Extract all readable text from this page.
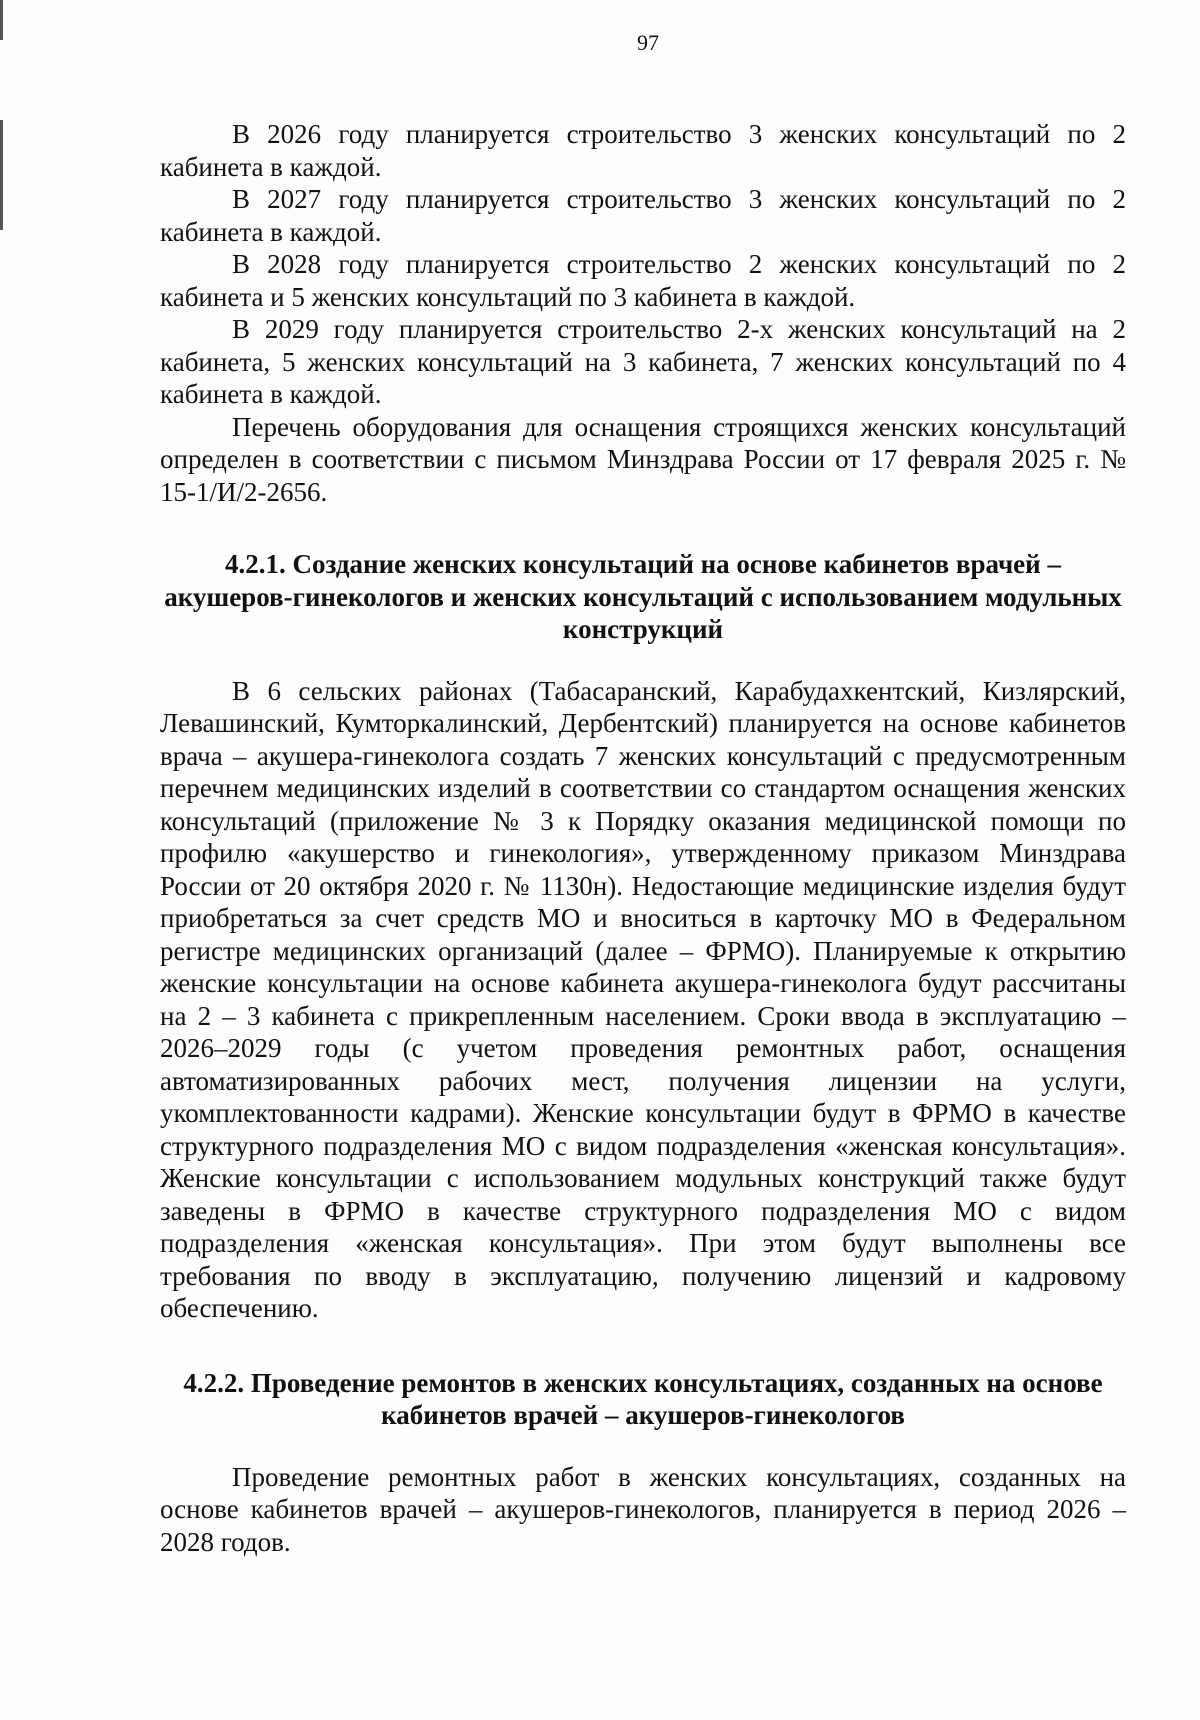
97

В 2026 году планируется строительство 3 женских консультаций по 2 кабинета в каждой.

В 2027 году планируется строительство 3 женских консультаций по 2 кабинета в каждой.

В 2028 году планируется строительство 2 женских консультаций по 2 кабинета и 5 женских консультаций по 3 кабинета в каждой.

В 2029 году планируется строительство 2-х женских консультаций на 2 кабинета, 5 женских консультаций на 3 кабинета, 7 женских консультаций по 4 кабинета в каждой.

Перечень оборудования для оснащения строящихся женских консультаций определен в соответствии с письмом Минздрава России от 17 февраля 2025 г. № 15-1/И/2-2656.

4.2.1. Создание женских консультаций на основе кабинетов врачей – акушеров-гинекологов и женских консультаций с использованием модульных конструкций

В 6 сельских районах (Табасаранский, Карабудахкентский, Кизлярский, Левашинский, Кумторкалинский, Дербентский) планируется на основе кабинетов врача – акушера-гинеколога создать 7 женских консультаций с предусмотренным перечнем медицинских изделий в соответствии со стандартом оснащения женских консультаций (приложение № 3 к Порядку оказания медицинской помощи по профилю «акушерство и гинекология», утвержденному приказом Минздрава России от 20 октября 2020 г. № 1130н). Недостающие медицинские изделия будут приобретаться за счет средств МО и вноситься в карточку МО в Федеральном регистре медицинских организаций (далее – ФРМО). Планируемые к открытию женские консультации на основе кабинета акушера-гинеколога будут рассчитаны на 2 – 3 кабинета с прикрепленным населением. Сроки ввода в эксплуатацию – 2026–2029 годы (с учетом проведения ремонтных работ, оснащения автоматизированных рабочих мест, получения лицензии на услуги, укомплектованности кадрами). Женские консультации будут в ФРМО в качестве структурного подразделения МО с видом подразделения «женская консультация». Женские консультации с использованием модульных конструкций также будут заведены в ФРМО в качестве структурного подразделения МО с видом подразделения «женская консультация». При этом будут выполнены все требования по вводу в эксплуатацию, получению лицензий и кадровому обеспечению.

4.2.2. Проведение ремонтов в женских консультациях, созданных на основе кабинетов врачей – акушеров-гинекологов

Проведение ремонтных работ в женских консультациях, созданных на основе кабинетов врачей – акушеров-гинекологов, планируется в период 2026 – 2028 годов.
